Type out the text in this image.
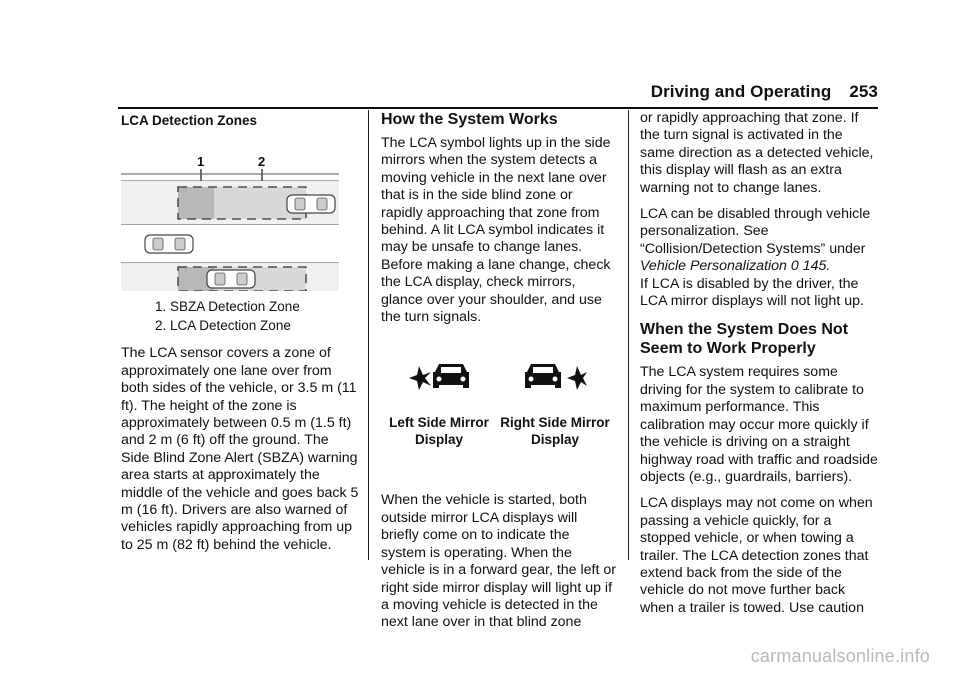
Driving and Operating 253
LCA Detection Zones
1	2
1. SBZA Detection Zone
2. LCA Detection Zone

The LCA sensor covers a zone of approximately one lane over from both sides of the vehicle, or 3.5 m (11 ft). The height of the zone is approximately between 0.5 m (1.5 ft) and 2 m (6 ft) off the ground. The Side Blind Zone Alert (SBZA) warning area starts at approximately the middle of the vehicle and goes back 5 m (16 ft). Drivers are also warned of vehicles rapidly approaching from up to 25 m (82 ft) behind the vehicle.

How the System Works

The LCA symbol lights up in the side mirrors when the system detects a moving vehicle in the next lane over that is in the side blind zone or rapidly approaching that zone from behind. A lit LCA symbol indicates it may be unsafe to change lanes. Before making a lane change, check the LCA display, check mirrors, glance over your shoulder, and use the turn signals.

Left Side Mirror
Display
Right Side Mirror
Display

When the vehicle is started, both outside mirror LCA displays will briefly come on to indicate the system is operating. When the vehicle is in a forward gear, the left or right side mirror display will light up if a moving vehicle is detected in the next lane over in that blind zone

or rapidly approaching that zone. If the turn signal is activated in the same direction as a detected vehicle, this display will flash as an extra warning not to change lanes.

LCA can be disabled through vehicle personalization. See “Collision/Detection Systems” under
Vehicle Personalization 0 145.
If LCA is disabled by the driver, the LCA mirror displays will not light up.

When the System Does Not Seem to Work Properly

The LCA system requires some driving for the system to calibrate to maximum performance. This calibration may occur more quickly if the vehicle is driving on a straight highway road with traffic and roadside objects (e.g., guardrails, barriers).

LCA displays may not come on when passing a vehicle quickly, for a stopped vehicle, or when towing a trailer. The LCA detection zones that extend back from the side of the vehicle do not move further back when a trailer is towed. Use caution

carmanualsonline.info
